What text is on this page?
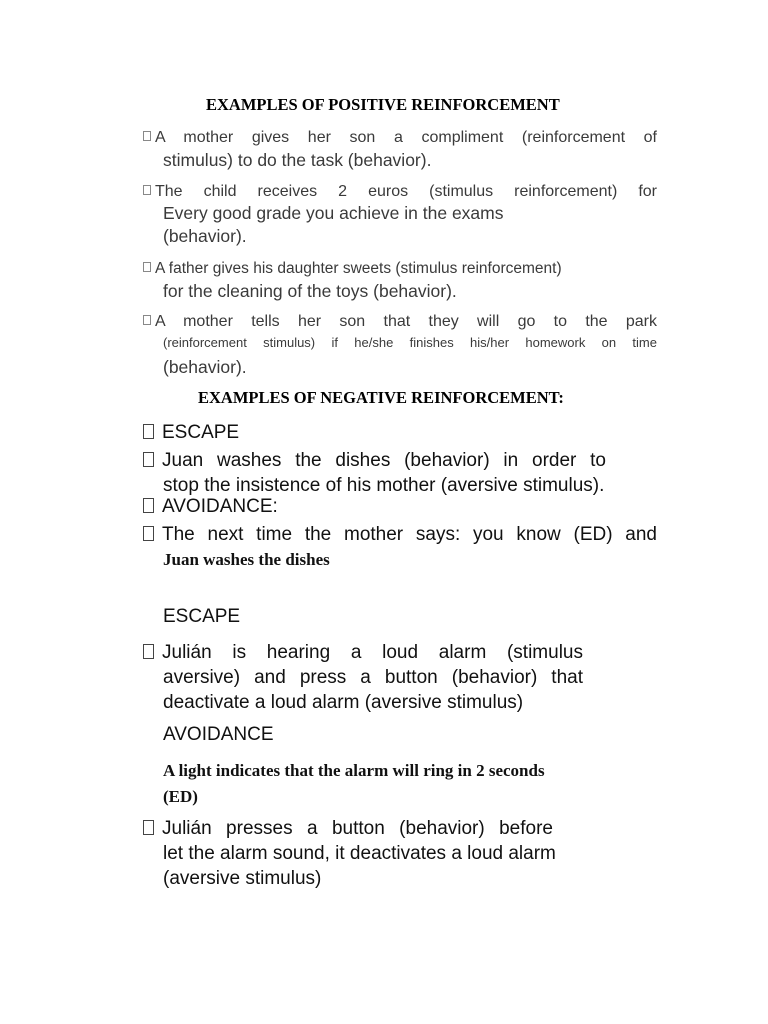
EXAMPLES OF POSITIVE REINFORCEMENT
A mother gives her son a compliment (reinforcement of
stimulus) to do the task (behavior).
The child receives 2 euros (stimulus reinforcement) for
Every good grade you achieve in the exams
(behavior).
A father gives his daughter sweets (stimulus reinforcement)
for the cleaning of the toys (behavior).
A mother tells her son that they will go to the park
(reinforcement stimulus) if he/she finishes his/her homework on time
(behavior).
EXAMPLES OF NEGATIVE REINFORCEMENT:
ESCAPE
Juan washes the dishes (behavior) in order to
stop the insistence of his mother (aversive stimulus).
AVOIDANCE:
The next time the mother says: you know (ED) and
Juan washes the dishes
ESCAPE
Julián is hearing a loud alarm (stimulus
aversive) and press a button (behavior) that
deactivate a loud alarm (aversive stimulus)
AVOIDANCE
A light indicates that the alarm will ring in 2 seconds
(ED)
Julián presses a button (behavior) before
let the alarm sound, it deactivates a loud alarm
(aversive stimulus)
